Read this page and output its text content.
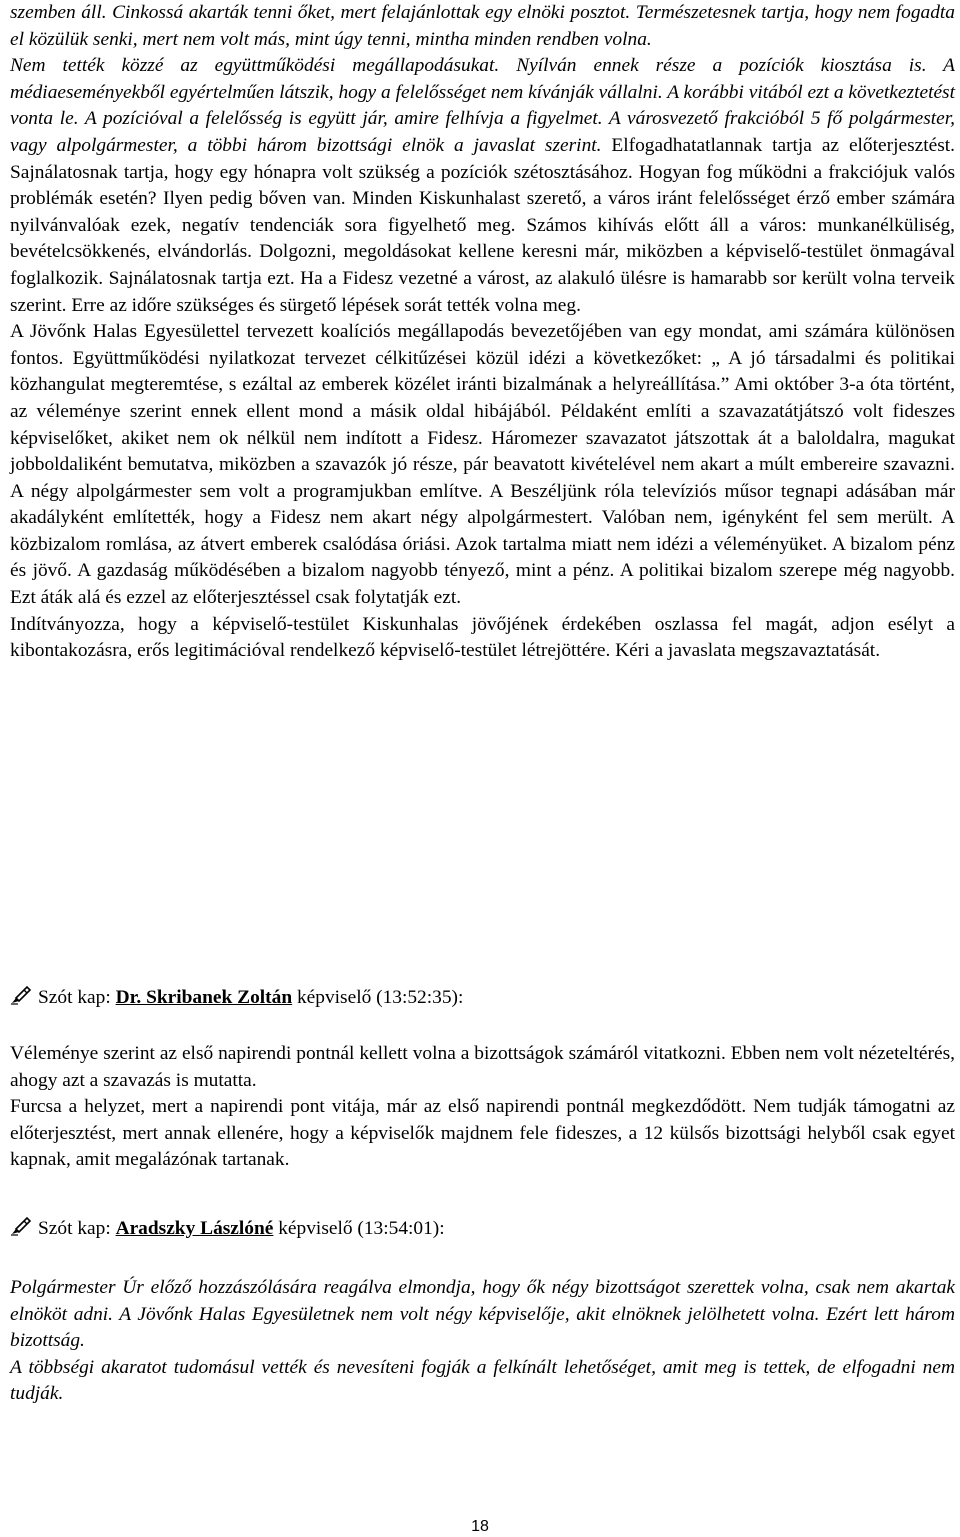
szemben áll. Cinkossá akarták tenni őket, mert felajánlottak egy elnöki posztot. Természetesnek tartja, hogy nem fogadta el közülük senki, mert nem volt más, mint úgy tenni, mintha minden rendben volna.

Nem tették közzé az együttműködési megállapodásukat. Nyílván ennek része a pozíciók kiosztása is. A médiaeseményekből egyértelműen látszik, hogy a felelősséget nem kívánják vállalni. A korábbi vitából ezt a következtetést vonta le. A pozícióval a felelősség is együtt jár, amire felhívja a figyelmet. A városvezető frakcióból 5 fő polgármester, vagy alpolgármester, a többi három bizottsági elnök a javaslat szerint. Elfogadhatatlannak tartja az előterjesztést. Sajnálatosnak tartja, hogy egy hónapra volt szükség a pozíciók szétosztásához. Hogyan fog működni a frakciójuk valós problémák esetén? Ilyen pedig bőven van. Minden Kiskunhalast szerető, a város iránt felelősséget érző ember számára nyilvánvalóak ezek, negatív tendenciák sora figyelhető meg. Számos kihívás előtt áll a város: munkanélküliség, bevételcsökkenés, elvándorlás. Dolgozni, megoldásokat kellene keresni már, miközben a képviselő-testület önmagával foglalkozik. Sajnálatosnak tartja ezt. Ha a Fidesz vezetné a várost, az alakuló ülésre is hamarabb sor került volna terveik szerint. Erre az időre szükséges és sürgető lépések sorát tették volna meg.

A Jövőnk Halas Egyesülettel tervezett koalíciós megállapodás bevezetőjében van egy mondat, ami számára különösen fontos. Együttműködési nyilatkozat tervezet célkitűzései közül idézi a következőket: „ A jó társadalmi és politikai közhangulat megteremtése, s ezáltal az emberek közélet iránti bizalmának a helyreállítása.” Ami október 3-a óta történt, az véleménye szerint ennek ellent mond a másik oldal hibájából. Példaként említi a szavazatátjátszó volt fideszes képviselőket, akiket nem ok nélkül nem indított a Fidesz. Háromezer szavazatot játszottak át a baloldalra, magukat jobboldaliként bemutatva, miközben a szavazók jó része, pár beavatott kivételével nem akart a múlt embereire szavazni. A négy alpolgármester sem volt a programjukban említve. A Beszéljünk róla televíziós műsor tegnapi adásában már akadályként említették, hogy a Fidesz nem akart négy alpolgármestert. Valóban nem, igényként fel sem merült. A közbizalom romlása, az átvert emberek csalódása óriási. Azok tartalma miatt nem idézi a véleményüket. A bizalom pénz és jövő. A gazdaság működésében a bizalom nagyobb tényező, mint a pénz. A politikai bizalom szerepe még nagyobb. Ezt áták alá és ezzel az előterjesztéssel csak folytatják ezt.

Indítványozza, hogy a képviselő-testület Kiskunhalas jövőjének érdekében oszlassa fel magát, adjon esélyt a kibontakozásra, erős legitimációval rendelkező képviselő-testület létrejöttére. Kéri a javaslata megszavaztatását.

Szót kap: Dr. Skribanek Zoltán képviselő (13:52:35):

Véleménye szerint az első napirendi pontnál kellett volna a bizottságok számáról vitatkozni. Ebben nem volt nézeteltérés, ahogy azt a szavazás is mutatta.

Furcsa a helyzet, mert a napirendi pont vitája, már az első napirendi pontnál megkezdődött. Nem tudják támogatni az előterjesztést, mert annak ellenére, hogy a képviselők majdnem fele fideszes, a 12 külsős bizottsági helyből csak egyet kapnak, amit megalázónak tartanak.

Szót kap: Aradszky Lászlóné képviselő (13:54:01):

Polgármester Úr előző hozzászólására reagálva elmondja, hogy ők négy bizottságot szerettek volna, csak nem akartak elnököt adni. A Jövőnk Halas Egyesületnek nem volt négy képviselője, akit elnöknek jelölhetett volna. Ezért lett három bizottság.

A többségi akaratot tudomásul vették és nevesíteni fogják a felkínált lehetőséget, amit meg is tettek, de elfogadni nem tudják.

18
